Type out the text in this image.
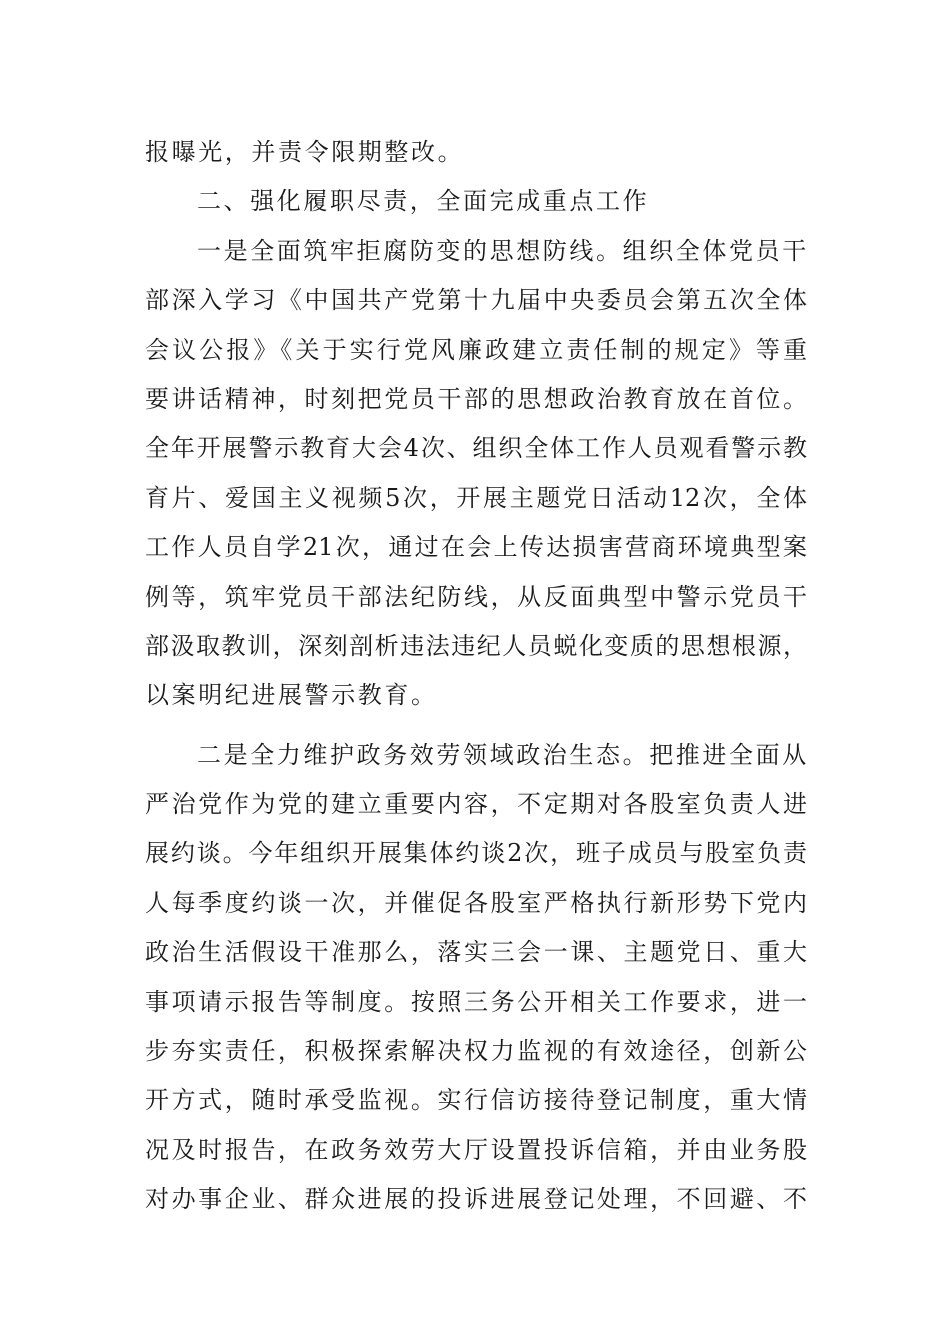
报曝光，并责令限期整改。
二、强化履职尽责，全面完成重点工作
一是全面筑牢拒腐防变的思想防线。组织全体党员干
部深入学习《中国共产党第十九届中央委员会第五次全体
会议公报》《关于实行党风廉政建立责任制的规定》等重
要讲话精神，时刻把党员干部的思想政治教育放在首位。
全年开展警示教育大会4次、组织全体工作人员观看警示教
育片、爱国主义视频5次，开展主题党日活动12次，全体
工作人员自学21次，通过在会上传达损害营商环境典型案
例等，筑牢党员干部法纪防线，从反面典型中警示党员干
部汲取教训，深刻剖析违法违纪人员蜕化变质的思想根源，
以案明纪进展警示教育。
二是全力维护政务效劳领域政治生态。把推进全面从
严治党作为党的建立重要内容，不定期对各股室负责人进
展约谈。今年组织开展集体约谈2次，班子成员与股室负责
人每季度约谈一次，并催促各股室严格执行新形势下党内
政治生活假设干准那么，落实三会一课、主题党日、重大
事项请示报告等制度。按照三务公开相关工作要求，进一
步夯实责任，积极探索解决权力监视的有效途径，创新公
开方式，随时承受监视。实行信访接待登记制度，重大情
况及时报告，在政务效劳大厅设置投诉信箱，并由业务股
对办事企业、群众进展的投诉进展登记处理，不回避、不
